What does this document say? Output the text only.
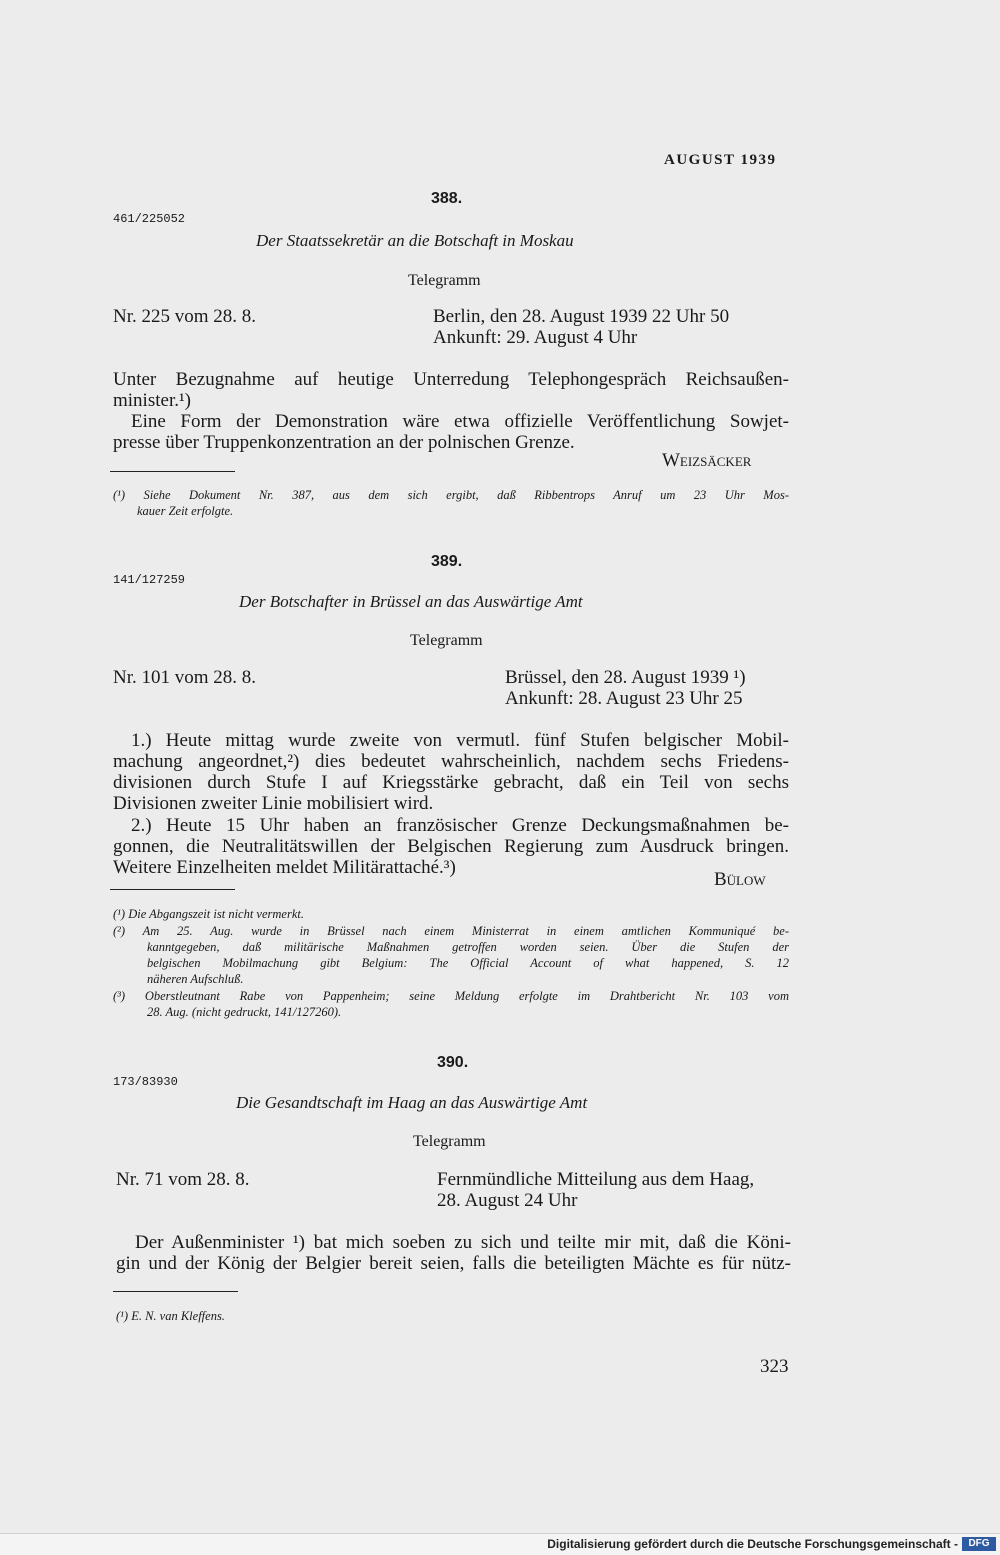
AUGUST 1939
388.
461/225052
Der Staatssekretär an die Botschaft in Moskau
Telegramm
Nr. 225 vom 28. 8.	Berlin, den 28. August 1939 22 Uhr 50
Ankunft: 29. August 4 Uhr
Unter Bezugnahme auf heutige Unterredung Telephongespräch Reichsaußen-
minister.¹)
Eine Form der Demonstration wäre etwa offizielle Veröffentlichung Sowjet-
presse über Truppenkonzentration an der polnischen Grenze.
Weizsäcker
(¹) Siehe Dokument Nr. 387, aus dem sich ergibt, daß Ribbentrops Anruf um 23 Uhr Mos-
kauer Zeit erfolgte.
389.
141/127259
Der Botschafter in Brüssel an das Auswärtige Amt
Telegramm
Nr. 101 vom 28. 8.	Brüssel, den 28. August 1939 ¹)
Ankunft: 28. August 23 Uhr 25
1.) Heute mittag wurde zweite von vermutl. fünf Stufen belgischer Mobil-
machung angeordnet,²) dies bedeutet wahrscheinlich, nachdem sechs Friedens-
divisionen durch Stufe I auf Kriegsstärke gebracht, daß ein Teil von sechs
Divisionen zweiter Linie mobilisiert wird.
2.) Heute 15 Uhr haben an französischer Grenze Deckungsmaßnahmen be-
gonnen, die Neutralitätswillen der Belgischen Regierung zum Ausdruck bringen.
Weitere Einzelheiten meldet Militärattaché.³)
Bülow
(¹) Die Abgangszeit ist nicht vermerkt.
(²) Am 25. Aug. wurde in Brüssel nach einem Ministerrat in einem amtlichen Kommuniqué be-
kanntgegeben, daß militärische Maßnahmen getroffen worden seien. Über die Stufen der
belgischen Mobilmachung gibt Belgium: The Official Account of what happened, S. 12
näheren Aufschluß.
(³) Oberstleutnant Rabe von Pappenheim; seine Meldung erfolgte im Drahtbericht Nr. 103 vom
28. Aug. (nicht gedruckt, 141/127260).
390.
173/83930
Die Gesandtschaft im Haag an das Auswärtige Amt
Telegramm
Nr. 71 vom 28. 8.	Fernmündliche Mitteilung aus dem Haag,
28. August 24 Uhr
Der Außenminister ¹) bat mich soeben zu sich und teilte mir mit, daß die Köni-
gin und der König der Belgier bereit seien, falls die beteiligten Mächte es für nütz-
(¹) E. N. van Kleffens.
323
Digitalisierung gefördert durch die Deutsche Forschungsgemeinschaft -	DFG
